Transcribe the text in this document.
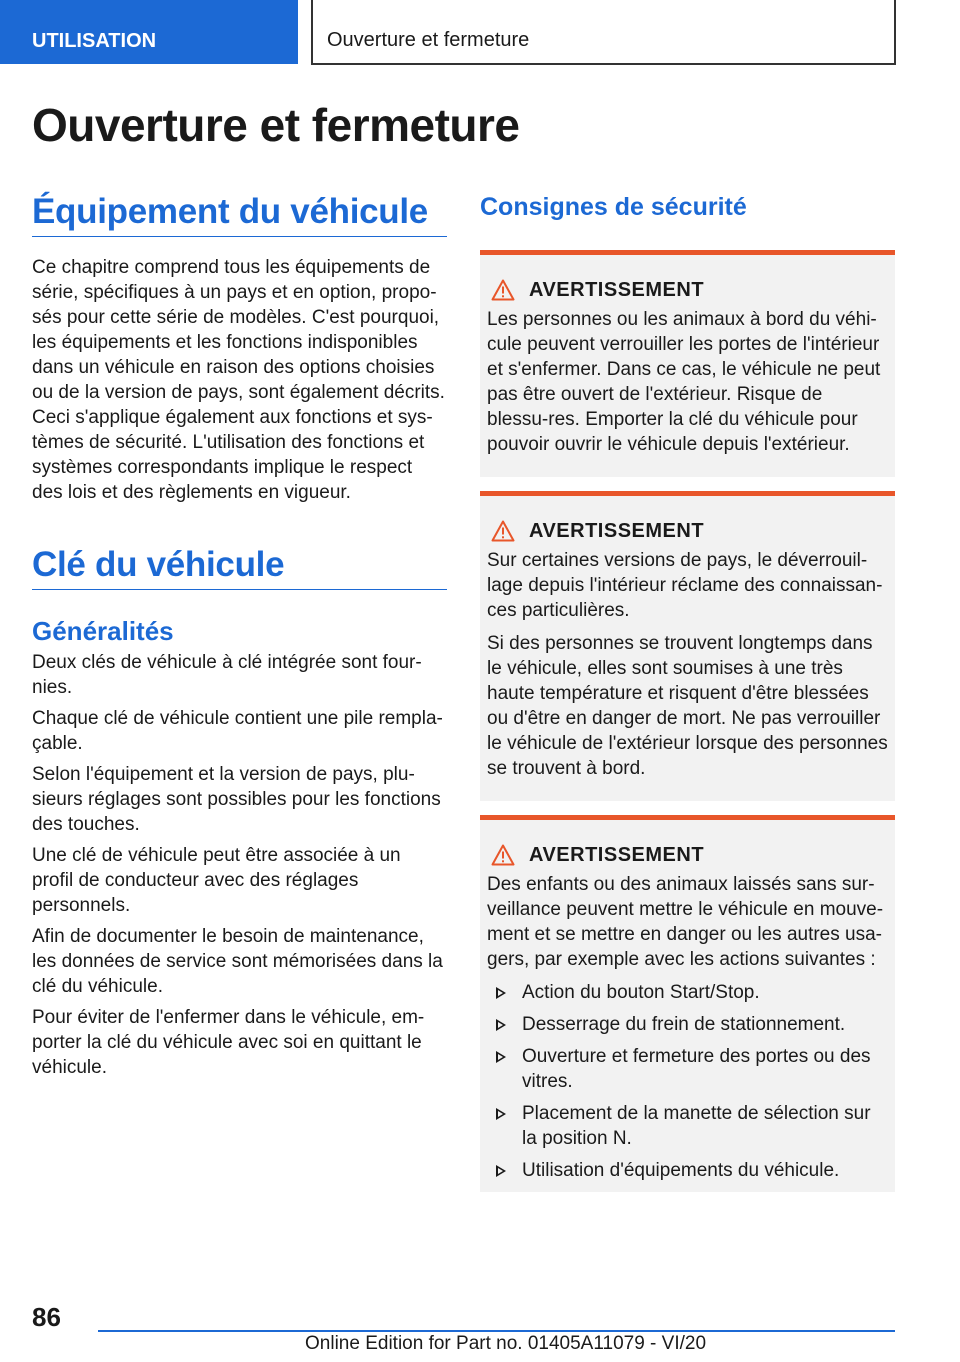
UTILISATION	Ouverture et fermeture
Ouverture et fermeture
Équipement du véhicule

Ce chapitre comprend tous les équipements de série, spécifiques à un pays et en option, propo-sés pour cette série de modèles. C'est pourquoi, les équipements et les fonctions indisponibles dans un véhicule en raison des options choisies ou de la version de pays, sont également décrits. Ceci s'applique également aux fonctions et sys-tèmes de sécurité. L'utilisation des fonctions et systèmes correspondants implique le respect des lois et des règlements en vigueur.

Clé du véhicule
Généralités

Deux clés de véhicule à clé intégrée sont four-nies.

Chaque clé de véhicule contient une pile rempla-çable.

Selon l'équipement et la version de pays, plu-sieurs réglages sont possibles pour les fonctions des touches.

Une clé de véhicule peut être associée à un profil de conducteur avec des réglages personnels.

Afin de documenter le besoin de maintenance, les données de service sont mémorisées dans la clé du véhicule.

Pour éviter de l'enfermer dans le véhicule, em-porter la clé du véhicule avec soi en quittant le véhicule.

Consignes de sécurité
AVERTISSEMENT

Les personnes ou les animaux à bord du véhi-cule peuvent verrouiller les portes de l'intérieur et s'enfermer. Dans ce cas, le véhicule ne peut pas être ouvert de l'extérieur. Risque de blessu-res. Emporter la clé du véhicule pour pouvoir ouvrir le véhicule depuis l'extérieur.

AVERTISSEMENT

Sur certaines versions de pays, le déverrouil-lage depuis l'intérieur réclame des connaissan-ces particulières.

Si des personnes se trouvent longtemps dans le véhicule, elles sont soumises à une très haute température et risquent d'être blessées ou d'être en danger de mort. Ne pas verrouiller le véhicule de l'extérieur lorsque des personnes se trouvent à bord.

AVERTISSEMENT

Des enfants ou des animaux laissés sans sur-veillance peuvent mettre le véhicule en mouve-ment et se mettre en danger ou les autres usa-gers, par exemple avec les actions suivantes :

Action du bouton Start/Stop.
Desserrage du frein de stationnement.
Ouverture et fermeture des portes ou des vitres.
Placement de la manette de sélection sur la position N.
Utilisation d'équipements du véhicule.
86
Online Edition for Part no. 01405A11079 - VI/20
